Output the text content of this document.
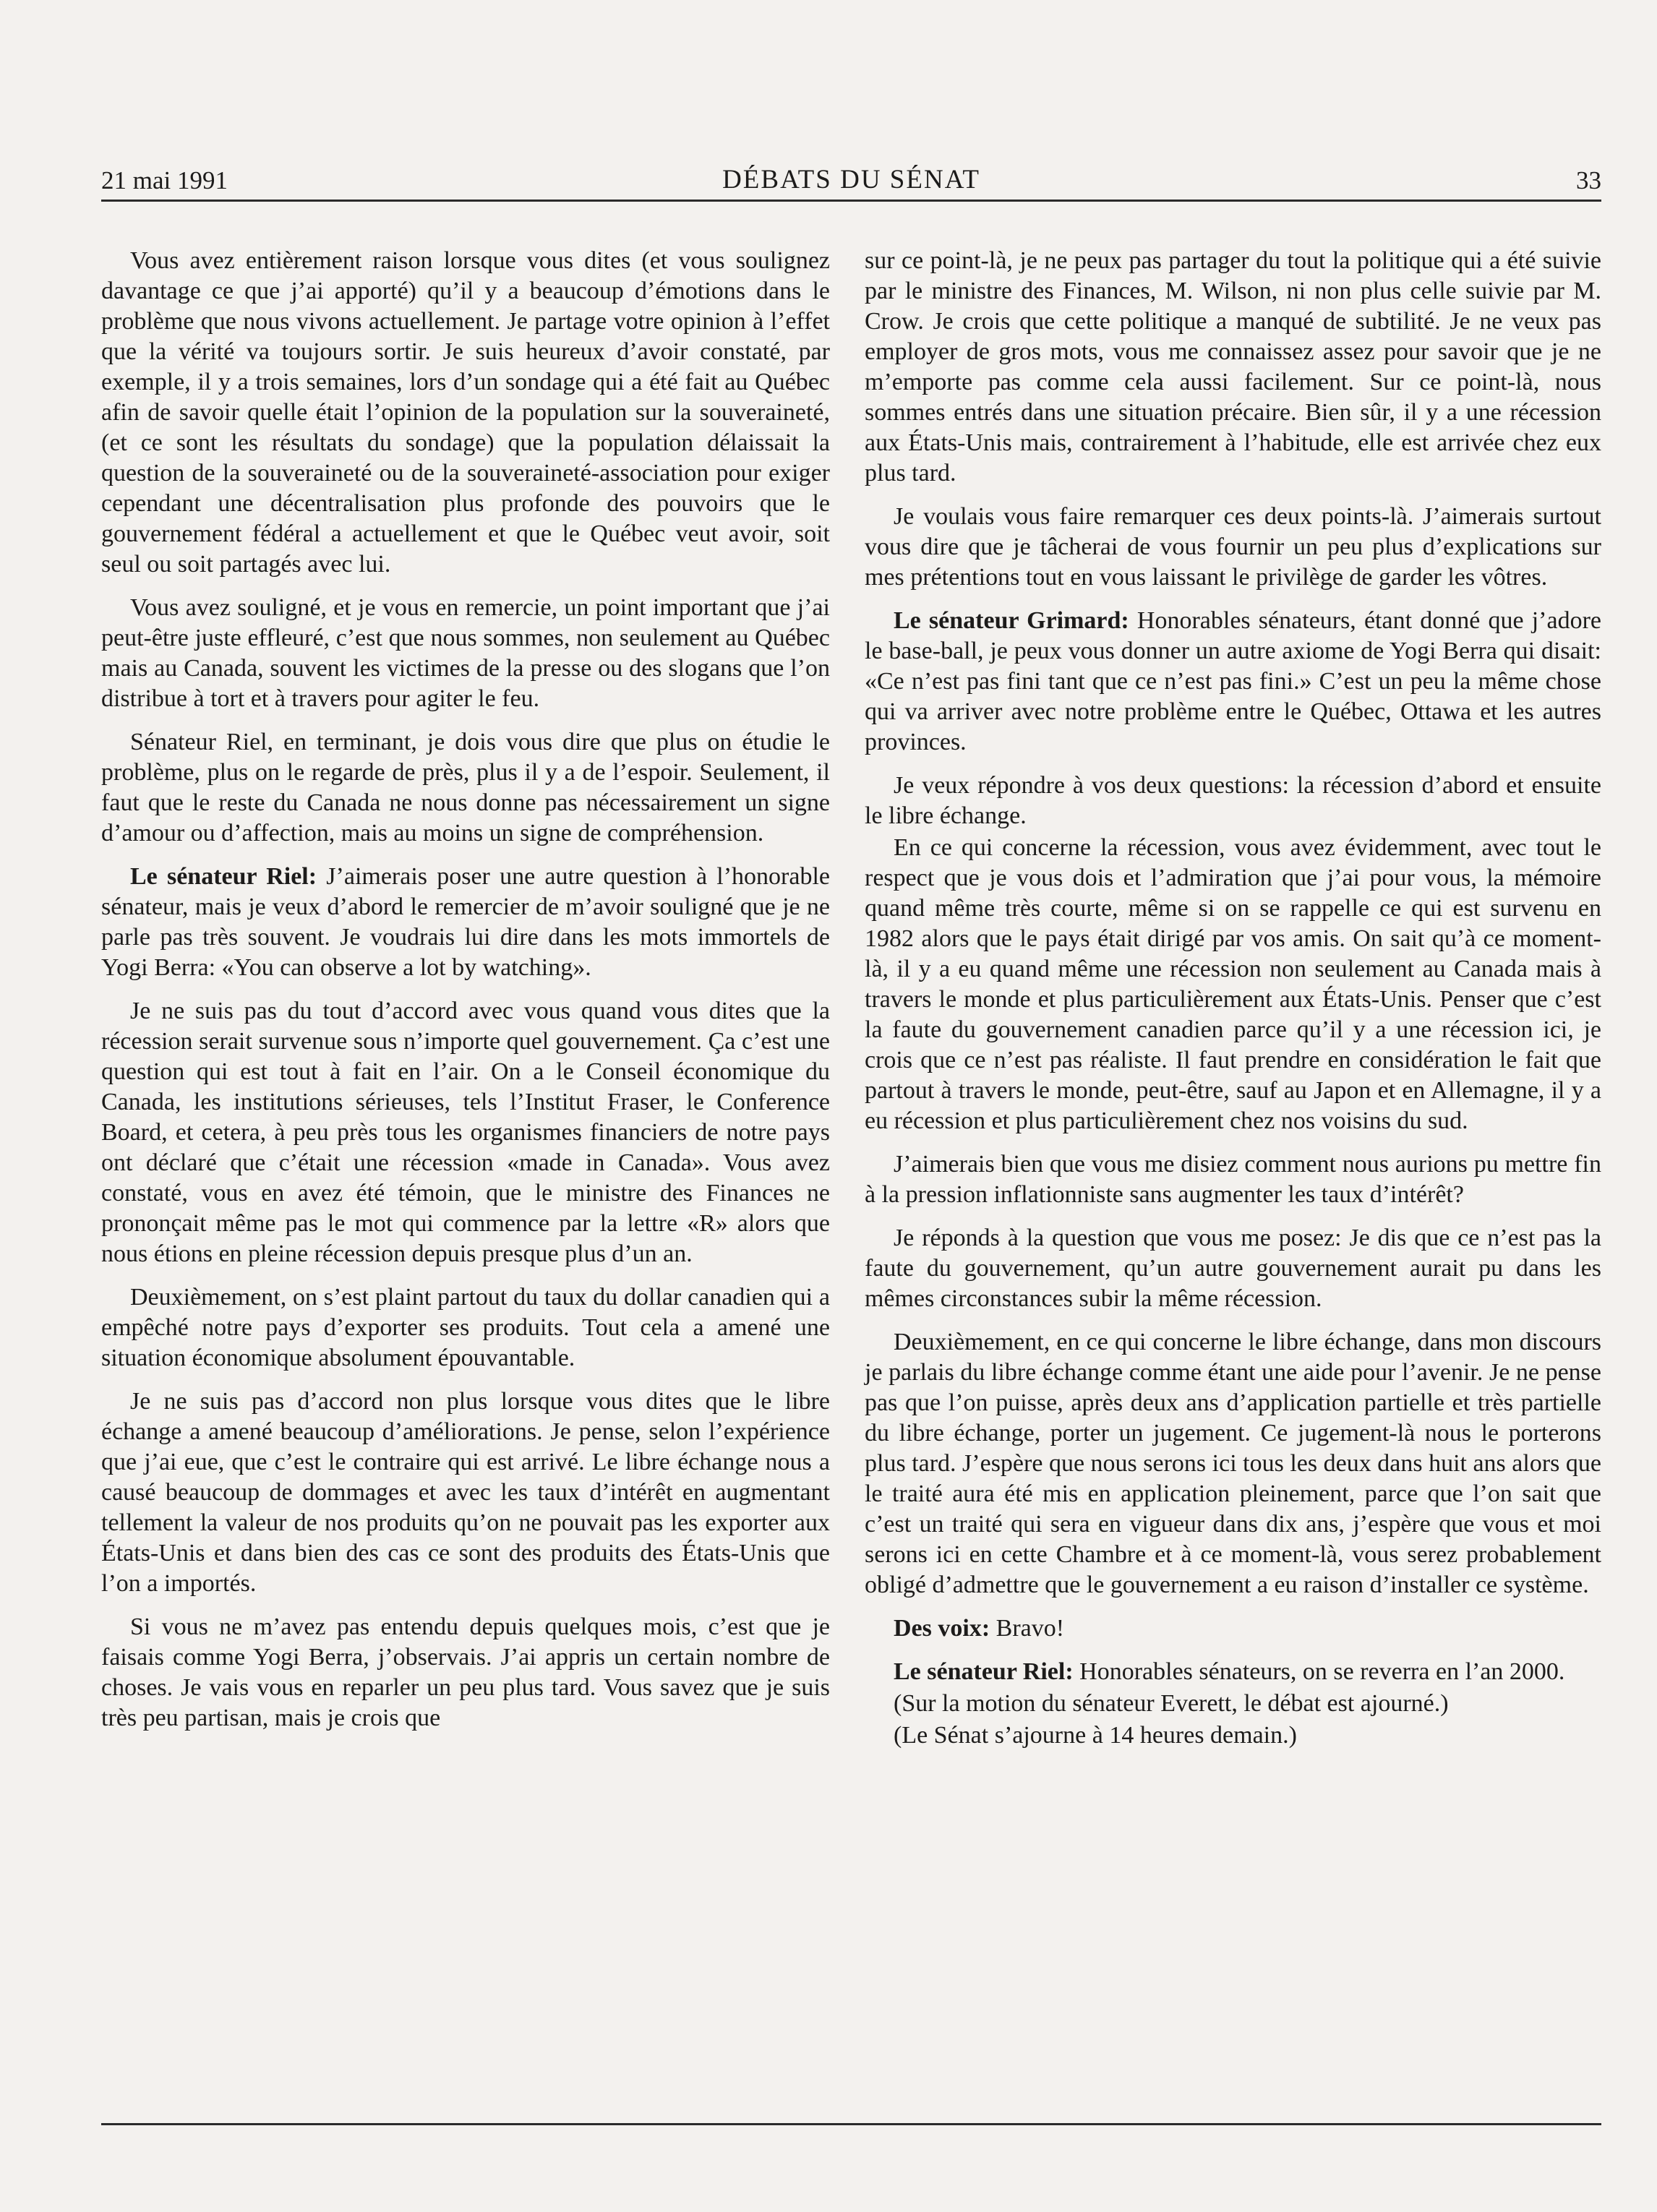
21 mai 1991	DÉBATS DU SÉNAT	33

Vous avez entièrement raison lorsque vous dites (et vous soulignez davantage ce que j’ai apporté) qu’il y a beaucoup d’émotions dans le problème que nous vivons actuellement. Je partage votre opinion à l’effet que la vérité va toujours sortir. Je suis heureux d’avoir constaté, par exemple, il y a trois semaines, lors d’un sondage qui a été fait au Québec afin de savoir quelle était l’opinion de la population sur la souveraineté, (et ce sont les résultats du sondage) que la population délaissait la question de la souveraineté ou de la souveraineté-association pour exiger cependant une décentralisation plus profonde des pouvoirs que le gouvernement fédéral a actuellement et que le Québec veut avoir, soit seul ou soit partagés avec lui.

Vous avez souligné, et je vous en remercie, un point important que j’ai peut-être juste effleuré, c’est que nous sommes, non seulement au Québec mais au Canada, souvent les victimes de la presse ou des slogans que l’on distribue à tort et à travers pour agiter le feu.

Sénateur Riel, en terminant, je dois vous dire que plus on étudie le problème, plus on le regarde de près, plus il y a de l’espoir. Seulement, il faut que le reste du Canada ne nous donne pas nécessairement un signe d’amour ou d’affection, mais au moins un signe de compréhension.

Le sénateur Riel: J’aimerais poser une autre question à l’honorable sénateur, mais je veux d’abord le remercier de m’avoir souligné que je ne parle pas très souvent. Je voudrais lui dire dans les mots immortels de Yogi Berra: «You can observe a lot by watching».

Je ne suis pas du tout d’accord avec vous quand vous dites que la récession serait survenue sous n’importe quel gouvernement. Ça c’est une question qui est tout à fait en l’air. On a le Conseil économique du Canada, les institutions sérieuses, tels l’Institut Fraser, le Conference Board, et cetera, à peu près tous les organismes financiers de notre pays ont déclaré que c’était une récession «made in Canada». Vous avez constaté, vous en avez été témoin, que le ministre des Finances ne prononçait même pas le mot qui commence par la lettre «R» alors que nous étions en pleine récession depuis presque plus d’un an.

Deuxièmement, on s’est plaint partout du taux du dollar canadien qui a empêché notre pays d’exporter ses produits. Tout cela a amené une situation économique absolument épouvantable.

Je ne suis pas d’accord non plus lorsque vous dites que le libre échange a amené beaucoup d’améliorations. Je pense, selon l’expérience que j’ai eue, que c’est le contraire qui est arrivé. Le libre échange nous a causé beaucoup de dommages et avec les taux d’intérêt en augmentant tellement la valeur de nos produits qu’on ne pouvait pas les exporter aux États-Unis et dans bien des cas ce sont des produits des États-Unis que l’on a importés.

Si vous ne m’avez pas entendu depuis quelques mois, c’est que je faisais comme Yogi Berra, j’observais. J’ai appris un certain nombre de choses. Je vais vous en reparler un peu plus tard. Vous savez que je suis très peu partisan, mais je crois que

sur ce point-là, je ne peux pas partager du tout la politique qui a été suivie par le ministre des Finances, M. Wilson, ni non plus celle suivie par M. Crow. Je crois que cette politique a manqué de subtilité. Je ne veux pas employer de gros mots, vous me connaissez assez pour savoir que je ne m’emporte pas comme cela aussi facilement. Sur ce point-là, nous sommes entrés dans une situation précaire. Bien sûr, il y a une récession aux États-Unis mais, contrairement à l’habitude, elle est arrivée chez eux plus tard.

Je voulais vous faire remarquer ces deux points-là. J’aimerais surtout vous dire que je tâcherai de vous fournir un peu plus d’explications sur mes prétentions tout en vous laissant le privilège de garder les vôtres.

Le sénateur Grimard: Honorables sénateurs, étant donné que j’adore le base-ball, je peux vous donner un autre axiome de Yogi Berra qui disait: «Ce n’est pas fini tant que ce n’est pas fini.» C’est un peu la même chose qui va arriver avec notre problème entre le Québec, Ottawa et les autres provinces.

Je veux répondre à vos deux questions: la récession d’abord et ensuite le libre échange.

En ce qui concerne la récession, vous avez évidemment, avec tout le respect que je vous dois et l’admiration que j’ai pour vous, la mémoire quand même très courte, même si on se rappelle ce qui est survenu en 1982 alors que le pays était dirigé par vos amis. On sait qu’à ce moment-là, il y a eu quand même une récession non seulement au Canada mais à travers le monde et plus particulièrement aux États-Unis. Penser que c’est la faute du gouvernement canadien parce qu’il y a une récession ici, je crois que ce n’est pas réaliste. Il faut prendre en considération le fait que partout à travers le monde, peut-être, sauf au Japon et en Allemagne, il y a eu récession et plus particulièrement chez nos voisins du sud.

J’aimerais bien que vous me disiez comment nous aurions pu mettre fin à la pression inflationniste sans augmenter les taux d’intérêt?

Je réponds à la question que vous me posez: Je dis que ce n’est pas la faute du gouvernement, qu’un autre gouvernement aurait pu dans les mêmes circonstances subir la même récession.

Deuxièmement, en ce qui concerne le libre échange, dans mon discours je parlais du libre échange comme étant une aide pour l’avenir. Je ne pense pas que l’on puisse, après deux ans d’application partielle et très partielle du libre échange, porter un jugement. Ce jugement-là nous le porterons plus tard. J’espère que nous serons ici tous les deux dans huit ans alors que le traité aura été mis en application pleinement, parce que l’on sait que c’est un traité qui sera en vigueur dans dix ans, j’espère que vous et moi serons ici en cette Chambre et à ce moment-là, vous serez probablement obligé d’admettre que le gouvernement a eu raison d’installer ce système.

Des voix: Bravo!

Le sénateur Riel: Honorables sénateurs, on se reverra en l’an 2000.

(Sur la motion du sénateur Everett, le débat est ajourné.)

(Le Sénat s’ajourne à 14 heures demain.)
